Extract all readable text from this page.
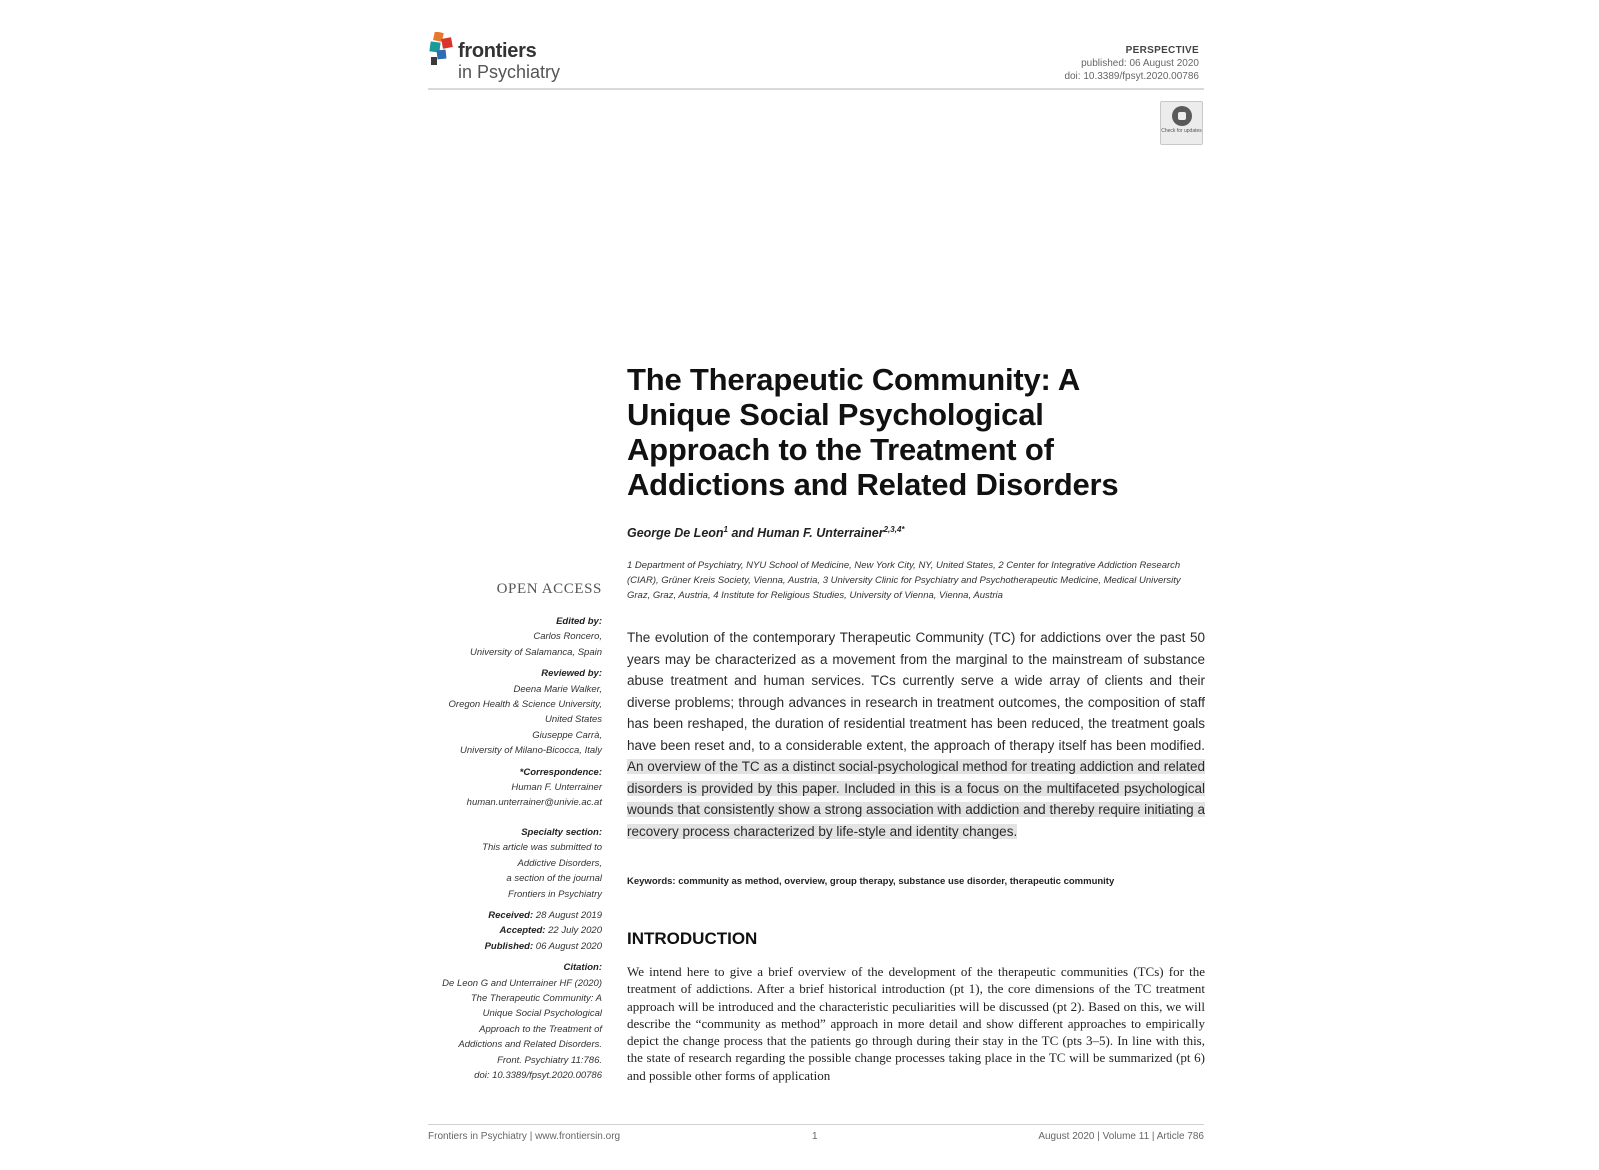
frontiers
in Psychiatry
PERSPECTIVE
published: 06 August 2020
doi: 10.3389/fpsyt.2020.00786
Check for updates
The Therapeutic Community: A Unique Social Psychological Approach to the Treatment of Addictions and Related Disorders
George De Leon$^1$ and Human F. Unterrainer$^{2,3,4*}$
1 Department of Psychiatry, NYU School of Medicine, New York City, NY, United States, 2 Center for Integrative Addiction Research (CIAR), Grüner Kreis Society, Vienna, Austria, 3 University Clinic for Psychiatry and Psychotherapeutic Medicine, Medical University Graz, Graz, Austria, 4 Institute for Religious Studies, University of Vienna, Vienna, Austria

The evolution of the contemporary Therapeutic Community (TC) for addictions over the past 50 years may be characterized as a movement from the marginal to the mainstream of substance abuse treatment and human services. TCs currently serve a wide array of clients and their diverse problems; through advances in research in treatment outcomes, the composition of staff has been reshaped, the duration of residential treatment has been reduced, the treatment goals have been reset and, to a considerable extent, the approach of therapy itself has been modified. An overview of the TC as a distinct social-psychological method for treating addiction and related disorders is provided by this paper. Included in this is a focus on the multifaceted psychological wounds that consistently show a strong association with addiction and thereby require initiating a recovery process characterized by life-style and identity changes.

Keywords: community as method, overview, group therapy, substance use disorder, therapeutic community
INTRODUCTION

We intend here to give a brief overview of the development of the therapeutic communities (TCs) for the treatment of addictions. After a brief historical introduction (pt 1), the core dimensions of the TC treatment approach will be introduced and the characteristic peculiarities will be discussed (pt 2). Based on this, we will describe the “community as method” approach in more detail and show different approaches to empirically depict the change process that the patients go through during their stay in the TC (pts 3–5). In line with this, the state of research regarding the possible change processes taking place in the TC will be summarized (pt 6) and possible other forms of application

OPEN ACCESS
Edited by:
Carlos Roncero,
University of Salamanca, Spain
Reviewed by:
Deena Marie Walker,
Oregon Health & Science University,
United States
Giuseppe Carrà,
University of Milano-Bicocca, Italy
*Correspondence:
Human F. Unterrainer
human.unterrainer@univie.ac.at
Specialty section:
This article was submitted to
Addictive Disorders,
a section of the journal
Frontiers in Psychiatry
Received: 28 August 2019
Accepted: 22 July 2020
Published: 06 August 2020
Citation:
De Leon G and Unterrainer HF (2020)
The Therapeutic Community: A
Unique Social Psychological
Approach to the Treatment of
Addictions and Related Disorders.
Front. Psychiatry 11:786.
doi: 10.3389/fpsyt.2020.00786
Frontiers in Psychiatry | www.frontiersin.org	1	August 2020 | Volume 11 | Article 786
